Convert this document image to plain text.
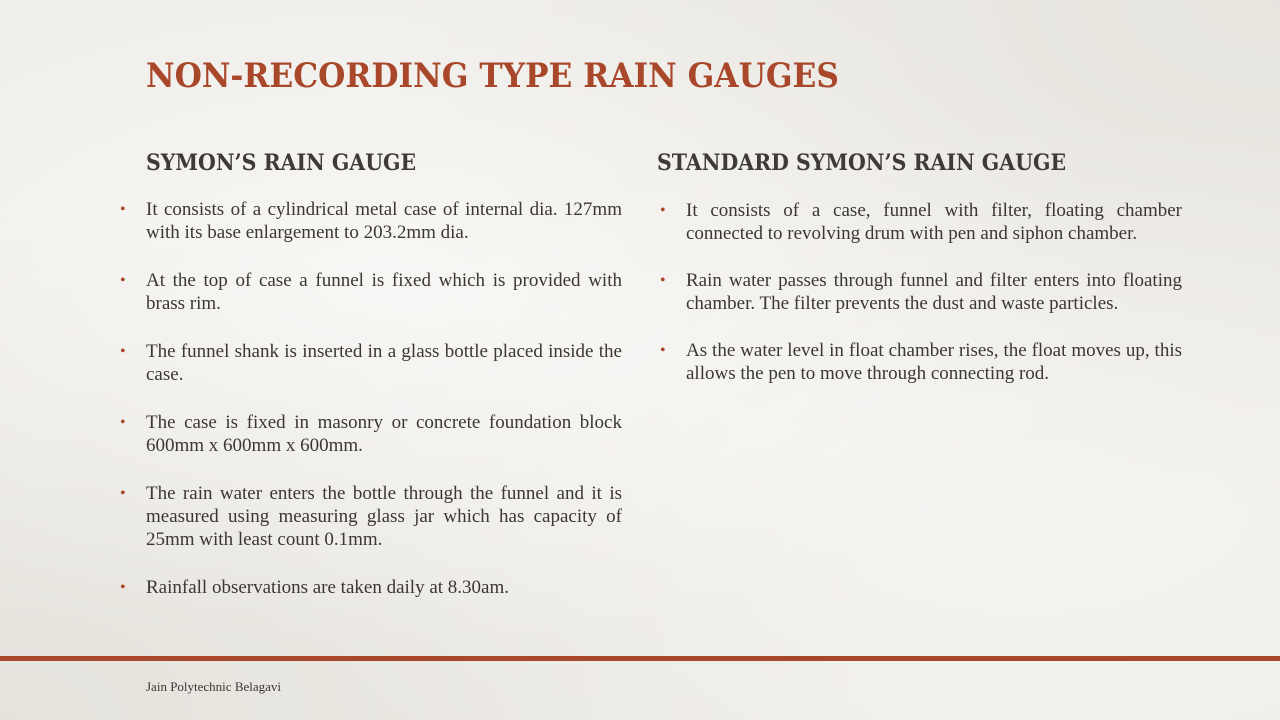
NON-RECORDING TYPE RAIN GAUGES
SYMON’S RAIN GAUGE
• It consists of a cylindrical metal case of internal dia. 127mm with its base enlargement to 203.2mm dia.
• At the top of case a funnel is fixed which is provided with brass rim.
• The funnel shank is inserted in a glass bottle placed inside the case.
• The case is fixed in masonry or concrete foundation block 600mm x 600mm x 600mm.
• The rain water enters the bottle through the funnel and it is measured using measuring glass jar which has capacity of 25mm with least count 0.1mm.
• Rainfall observations are taken daily at 8.30am.
STANDARD SYMON’S RAIN GAUGE
• It consists of a case, funnel with filter, floating chamber connected to revolving drum with pen and siphon chamber.
• Rain water passes through funnel and filter enters into floating chamber. The filter prevents the dust and waste particles.
• As the water level in float chamber rises, the float moves up, this allows the pen to move through connecting rod.
Jain Polytechnic Belagavi
